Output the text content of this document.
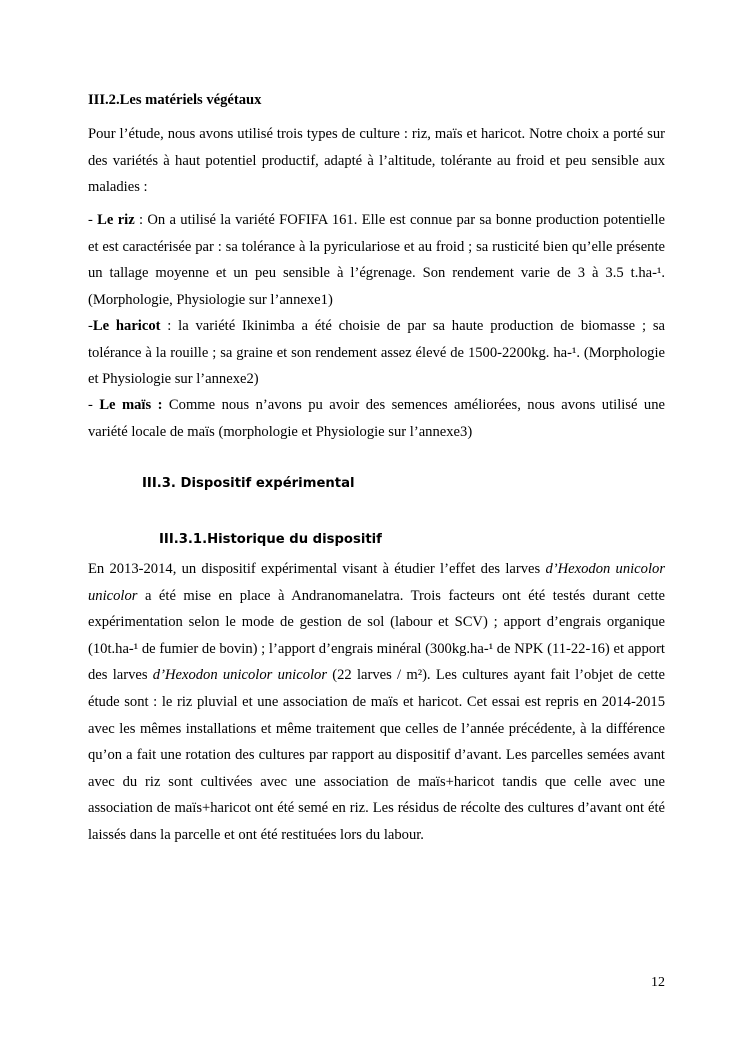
III.2.Les matériels végétaux

Pour l’étude, nous avons utilisé trois types de culture : riz, maïs et haricot. Notre choix a porté sur des variétés à haut potentiel productif, adapté à l’altitude, tolérante au froid et peu sensible aux maladies :

- Le riz : On a utilisé la variété FOFIFA 161. Elle est connue par sa bonne production potentielle et est caractérisée par : sa tolérance à la pyriculariose et au froid ; sa rusticité bien qu’elle présente un tallage moyenne et un peu sensible à l’égrenage. Son rendement varie de 3 à 3.5 t.ha-¹. (Morphologie, Physiologie sur l’annexe1)

-Le haricot : la variété Ikinimba a été choisie de par sa haute production de biomasse ; sa tolérance à la rouille ; sa graine et son rendement assez élevé de 1500-2200kg. ha-¹. (Morphologie et Physiologie sur l’annexe2)

- Le maïs : Comme nous n’avons pu avoir des semences améliorées, nous avons utilisé une variété locale de maïs (morphologie et Physiologie sur l’annexe3)

III.3. Dispositif expérimental
III.3.1.Historique du dispositif

En 2013-2014, un dispositif expérimental visant à étudier l’effet des larves d’Hexodon unicolor unicolor a été mise en place à Andranomanelatra. Trois facteurs ont été testés durant cette expérimentation selon le mode de gestion de sol (labour et SCV) ; apport d’engrais organique (10t.ha-¹ de fumier de bovin) ; l’apport d’engrais minéral (300kg.ha-¹ de NPK (11-22-16) et apport des larves d’Hexodon unicolor unicolor (22 larves / m²). Les cultures ayant fait l’objet de cette étude sont : le riz pluvial et une association de maïs et haricot. Cet essai est repris en 2014-2015 avec les mêmes installations et même traitement que celles de l’année précédente, à la différence qu’on a fait une rotation des cultures par rapport au dispositif d’avant. Les parcelles semées avant avec du riz sont cultivées avec une association de maïs+haricot tandis que celle avec une association de maïs+haricot ont été semé en riz. Les résidus de récolte des cultures d’avant ont été laissés dans la parcelle et ont été restituées lors du labour.

12
